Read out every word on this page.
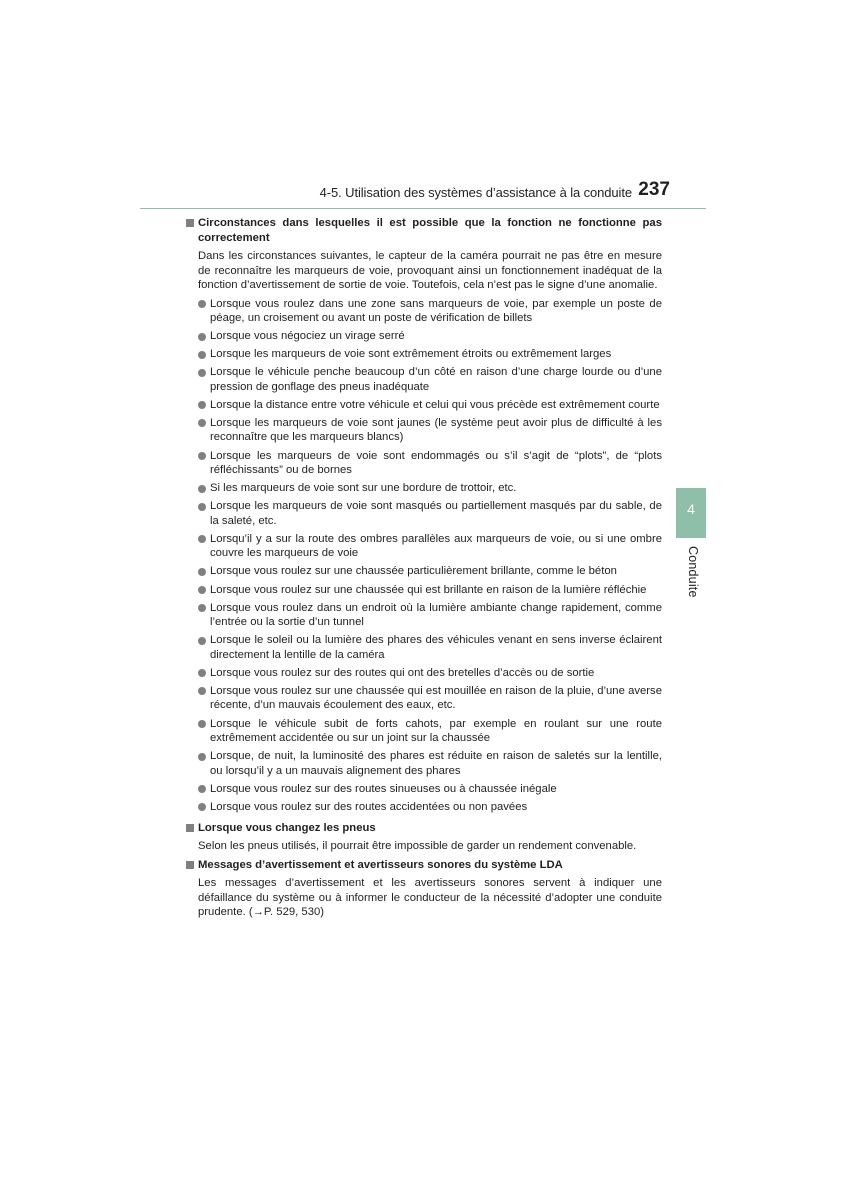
4-5. Utilisation des systèmes d’assistance à la conduite 237
4
Conduite
Circonstances dans lesquelles il est possible que la fonction ne fonctionne pas correctement

Dans les circonstances suivantes, le capteur de la caméra pourrait ne pas être en mesure de reconnaître les marqueurs de voie, provoquant ainsi un fonctionnement inadéquat de la fonction d’avertissement de sortie de voie. Toutefois, cela n’est pas le signe d’une anomalie.

Lorsque vous roulez dans une zone sans marqueurs de voie, par exemple un poste de péage, un croisement ou avant un poste de vérification de billets
Lorsque vous négociez un virage serré
Lorsque les marqueurs de voie sont extrêmement étroits ou extrêmement larges
Lorsque le véhicule penche beaucoup d’un côté en raison d’une charge lourde ou d’une pression de gonflage des pneus inadéquate
Lorsque la distance entre votre véhicule et celui qui vous précède est extrêmement courte
Lorsque les marqueurs de voie sont jaunes (le système peut avoir plus de difficulté à les reconnaître que les marqueurs blancs)
Lorsque les marqueurs de voie sont endommagés ou s’il s’agit de “plots”, de “plots réfléchissants” ou de bornes
Si les marqueurs de voie sont sur une bordure de trottoir, etc.
Lorsque les marqueurs de voie sont masqués ou partiellement masqués par du sable, de la saleté, etc.
Lorsqu’il y a sur la route des ombres parallèles aux marqueurs de voie, ou si une ombre couvre les marqueurs de voie
Lorsque vous roulez sur une chaussée particulièrement brillante, comme le béton
Lorsque vous roulez sur une chaussée qui est brillante en raison de la lumière réfléchie
Lorsque vous roulez dans un endroit où la lumière ambiante change rapidement, comme l’entrée ou la sortie d’un tunnel
Lorsque le soleil ou la lumière des phares des véhicules venant en sens inverse éclairent directement la lentille de la caméra
Lorsque vous roulez sur des routes qui ont des bretelles d’accès ou de sortie
Lorsque vous roulez sur une chaussée qui est mouillée en raison de la pluie, d’une averse récente, d’un mauvais écoulement des eaux, etc.
Lorsque le véhicule subit de forts cahots, par exemple en roulant sur une route extrêmement accidentée ou sur un joint sur la chaussée
Lorsque, de nuit, la luminosité des phares est réduite en raison de saletés sur la lentille, ou lorsqu’il y a un mauvais alignement des phares
Lorsque vous roulez sur des routes sinueuses ou à chaussée inégale
Lorsque vous roulez sur des routes accidentées ou non pavées
Lorsque vous changez les pneus

Selon les pneus utilisés, il pourrait être impossible de garder un rendement convenable.

Messages d’avertissement et avertisseurs sonores du système LDA

Les messages d’avertissement et les avertisseurs sonores servent à indiquer une défaillance du système ou à informer le conducteur de la nécessité d’adopter une conduite prudente. (→P. 529, 530)
